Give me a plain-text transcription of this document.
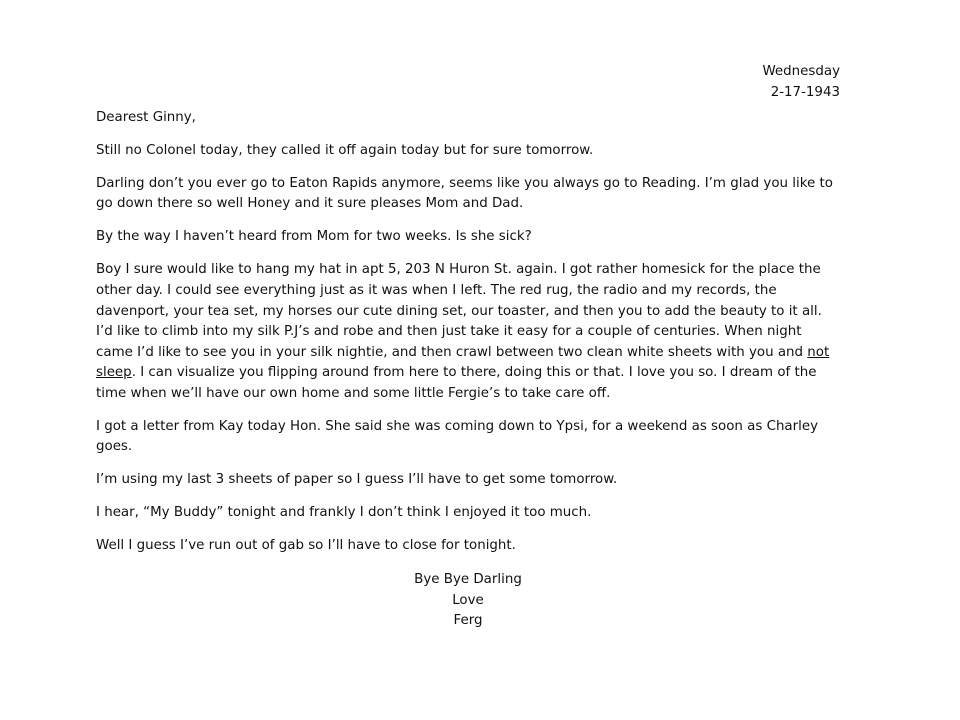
Wednesday
2-17-1943

Dearest Ginny,

Still no Colonel today, they called it off again today but for sure tomorrow.

Darling don’t you ever go to Eaton Rapids anymore, seems like you always go to Reading. I’m glad you like to go down there so well Honey and it sure pleases Mom and Dad.

By the way I haven’t heard from Mom for two weeks. Is she sick?

Boy I sure would like to hang my hat in apt 5, 203 N Huron St. again. I got rather homesick for the place the other day. I could see everything just as it was when I left. The red rug, the radio and my records, the davenport, your tea set, my horses our cute dining set, our toaster, and then you to add the beauty to it all. I’d like to climb into my silk P.J’s and robe and then just take it easy for a couple of centuries. When night came I’d like to see you in your silk nightie, and then crawl between two clean white sheets with you and not sleep. I can visualize you flipping around from here to there, doing this or that. I love you so. I dream of the time when we’ll have our own home and some little Fergie’s to take care off.

I got a letter from Kay today Hon. She said she was coming down to Ypsi, for a weekend as soon as Charley goes.

I’m using my last 3 sheets of paper so I guess I’ll have to get some tomorrow.

I hear, “My Buddy” tonight and frankly I don’t think I enjoyed it too much.

Well I guess I’ve run out of gab so I’ll have to close for tonight.

Bye Bye Darling
Love
Ferg
